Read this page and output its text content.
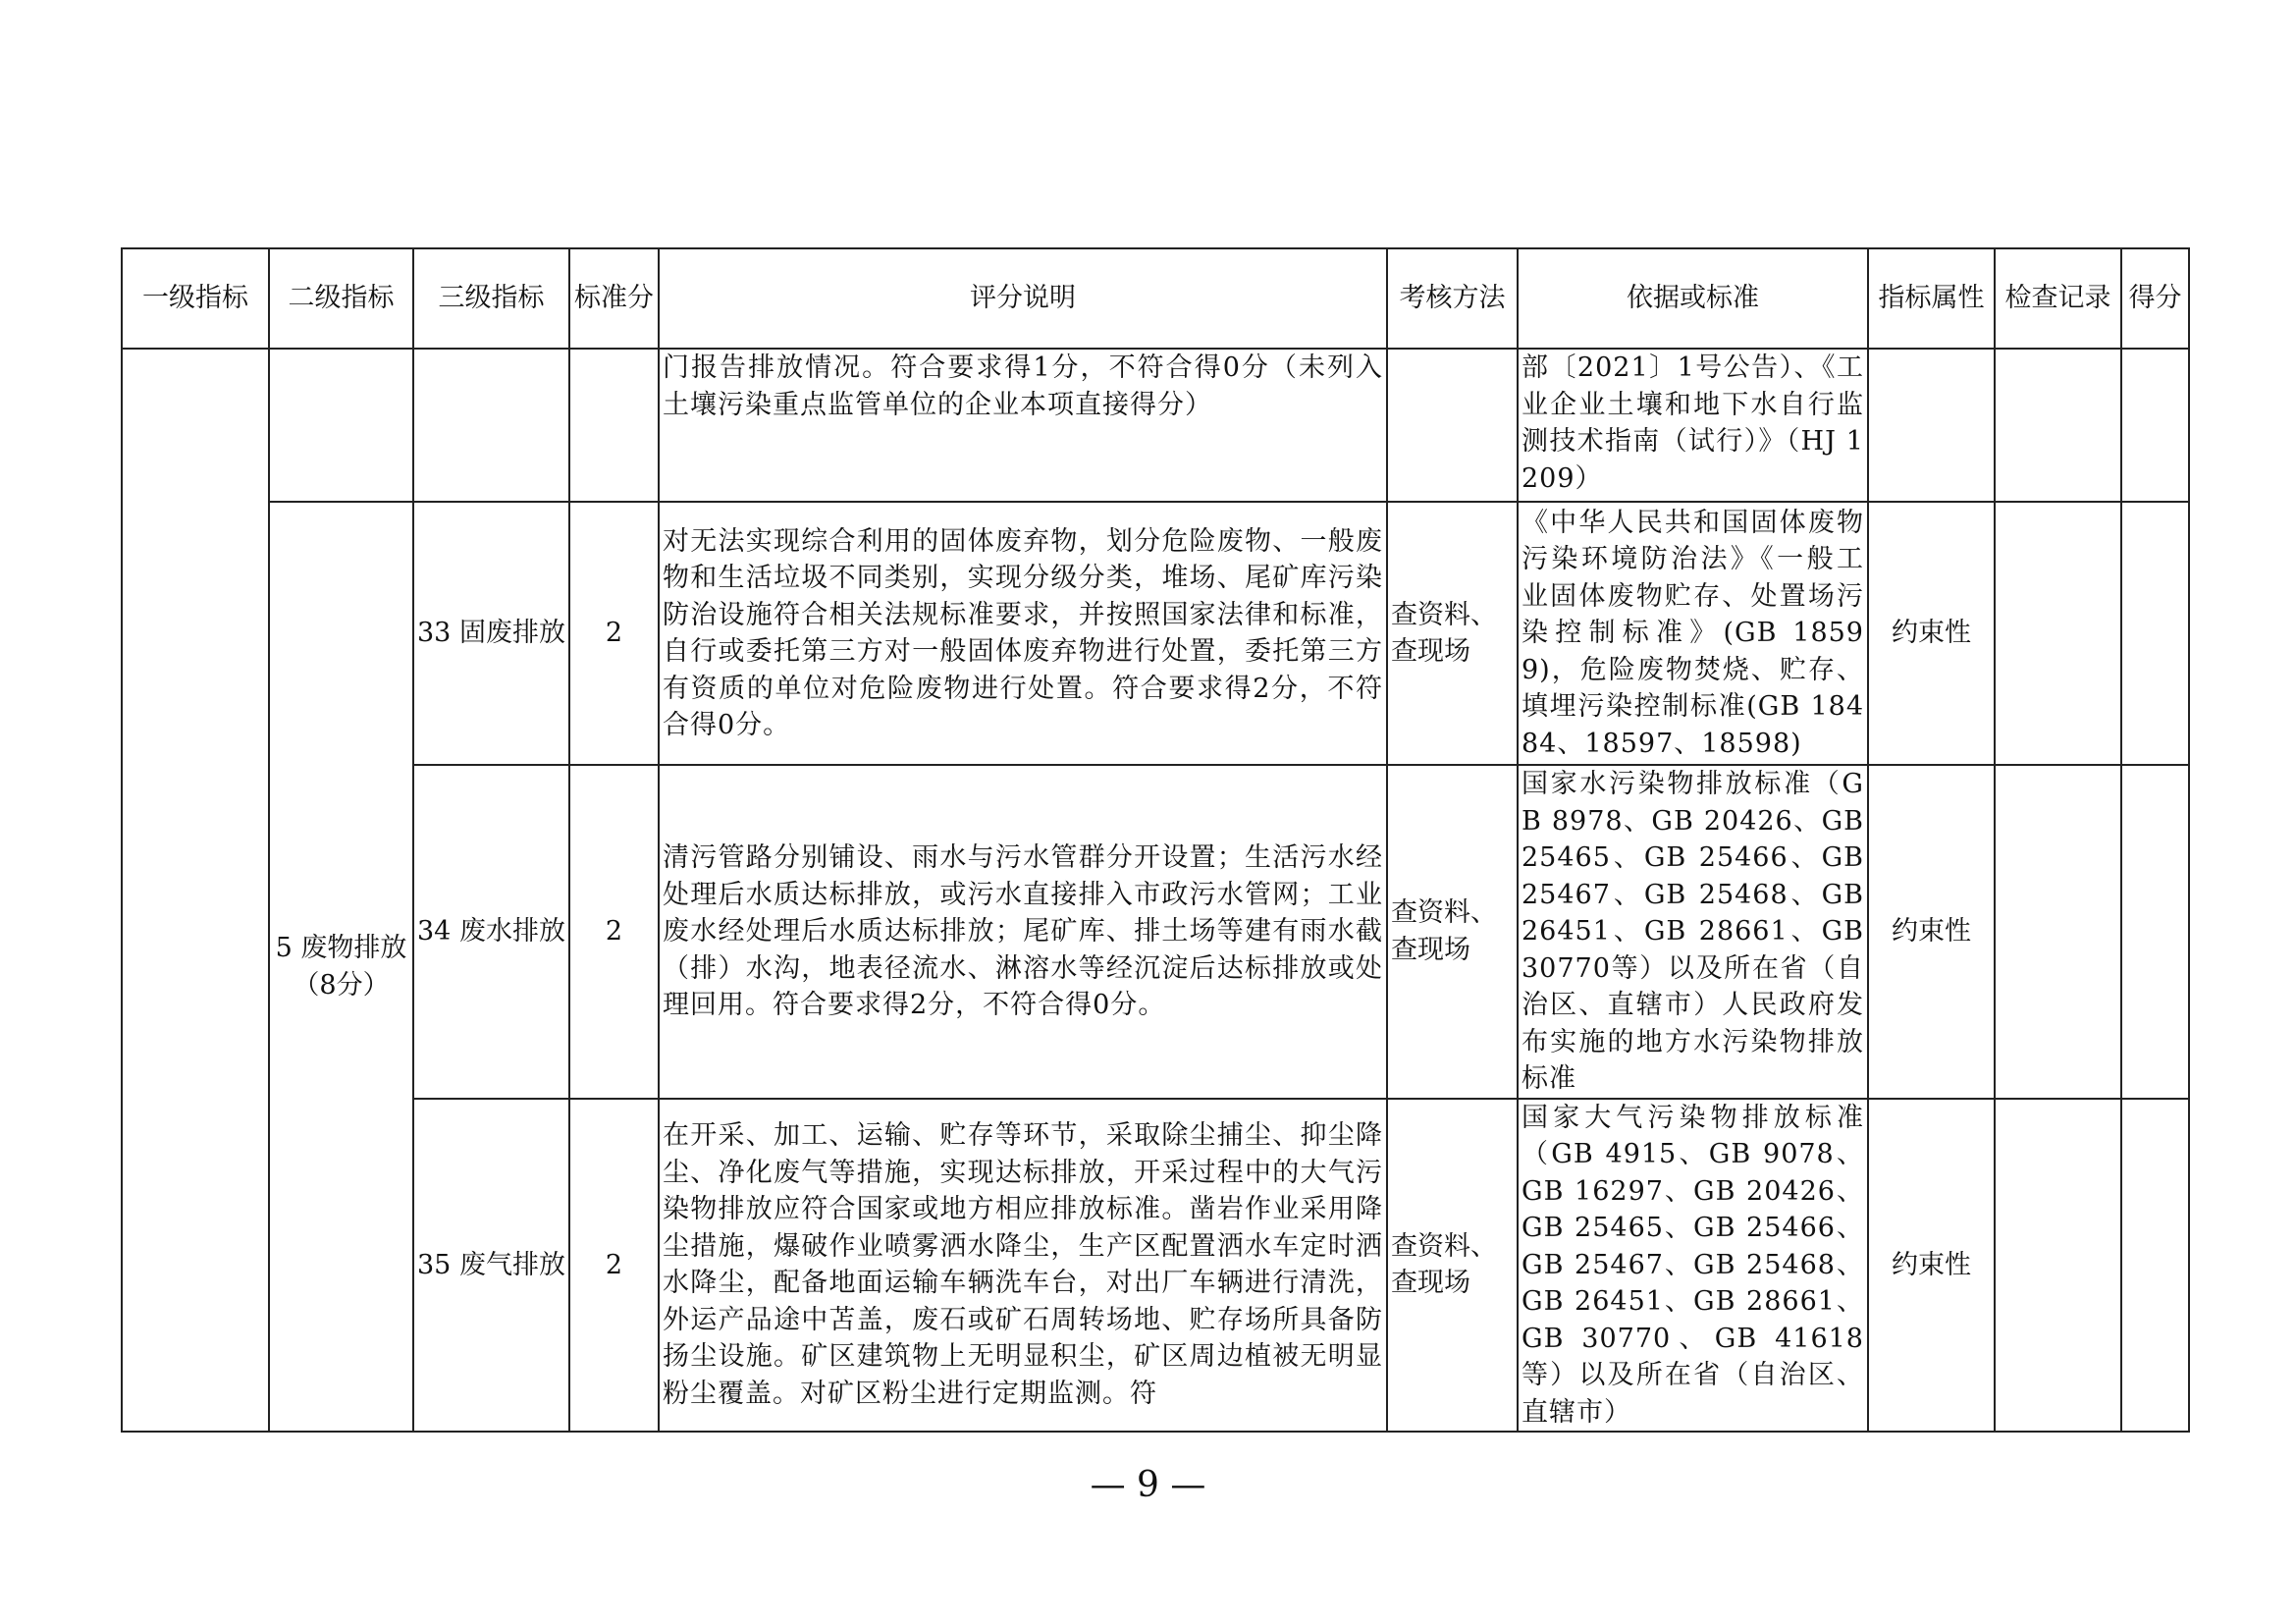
一级指标	二级指标	三级指标	标准分	评分说明	考核方法	依据或标准	指标属性	检查记录	得分
				门报告排放情况。符合要求得1分，不符合得0分（未列入土壤污染重点监管单位的企业本项直接得分）		部〔2021〕1号公告）、《工业企业土壤和地下水自行监测技术指南（试行）》（HJ 1209）			
	5 废物排放（8分）	33 固废排放	2	对无法实现综合利用的固体废弃物，划分危险废物、一般废物和生活垃圾不同类别，实现分级分类，堆场、尾矿库污染防治设施符合相关法规标准要求，并按照国家法律和标准，自行或委托第三方对一般固体废弃物进行处置，委托第三方有资质的单位对危险废物进行处置。符合要求得2分，不符合得0分。	查资料、查现场	《中华人民共和国固体废物污染环境防治法》《一般工业固体废物贮存、处置场污染控制标准》(GB 18599)，危险废物焚烧、贮存、填埋污染控制标准(GB 18484、18597、18598)	约束性		
		34 废水排放	2	清污管路分别铺设、雨水与污水管群分开设置；生活污水经处理后水质达标排放，或污水直接排入市政污水管网；工业废水经处理后水质达标排放；尾矿库、排土场等建有雨水截（排）水沟，地表径流水、淋溶水等经沉淀后达标排放或处理回用。符合要求得2分，不符合得0分。	查资料、查现场	国家水污染物排放标准（GB 8978、GB 20426、GB 25465、GB 25466、GB 25467、GB 25468、GB 26451、GB 28661、GB 30770等）以及所在省（自治区、直辖市）人民政府发布实施的地方水污染物排放标准	约束性		
		35 废气排放	2	在开采、加工、运输、贮存等环节，采取除尘捕尘、抑尘降尘、净化废气等措施，实现达标排放，开采过程中的大气污染物排放应符合国家或地方相应排放标准。凿岩作业采用降尘措施，爆破作业喷雾洒水降尘，生产区配置洒水车定时洒水降尘，配备地面运输车辆洗车台，对出厂车辆进行清洗，外运产品途中苫盖，废石或矿石周转场地、贮存场所具备防扬尘设施。矿区建筑物上无明显积尘，矿区周边植被无明显粉尘覆盖。对矿区粉尘进行定期监测。符	查资料、查现场	国家大气污染物排放标准（GB 4915、GB 9078、GB 16297、GB 20426、GB 25465、GB 25466、GB 25467、GB 25468、GB 26451、GB 28661、GB 30770、GB 41618等）以及所在省（自治区、直辖市）	约束性		
— 9 —
